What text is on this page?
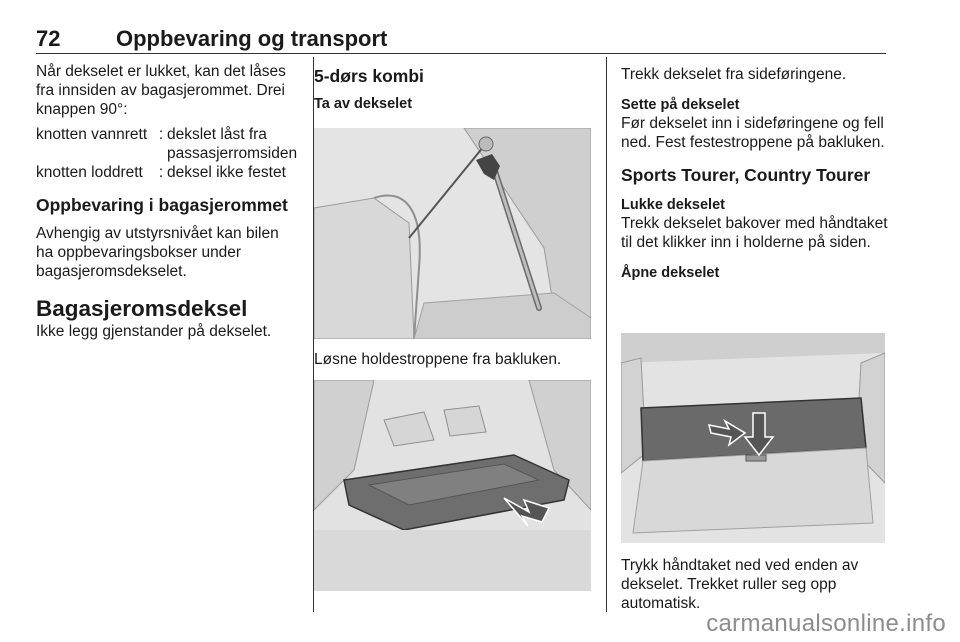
72	Oppbevaring og transport

Når dekselet er lukket, kan det låses fra innsiden av bagasjerommet. Drei knappen 90°:

knotten vannrett	:	dekslet låst fra passasjerromsiden
knotten loddrett	:	deksel ikke festet
Oppbevaring i bagasjerommet

Avhengig av utstyrsnivået kan bilen ha oppbevaringsbokser under bagasjeromsdekselet.

Bagasjeromsdeksel

Ikke legg gjenstander på dekselet.

5-dørs kombi
Ta av dekselet

Løsne holdestroppene fra bakluken.

Trekk dekselet fra sideføringene.

Sette på dekselet

Før dekselet inn i sideføringene og fell ned. Fest festestroppene på bakluken.

Sports Tourer, Country Tourer
Lukke dekselet

Trekk dekselet bakover med håndtaket til det klikker inn i holderne på siden.

Åpne dekselet

Trykk håndtaket ned ved enden av dekselet. Trekket ruller seg opp automatisk.

carmanualsonline.info
